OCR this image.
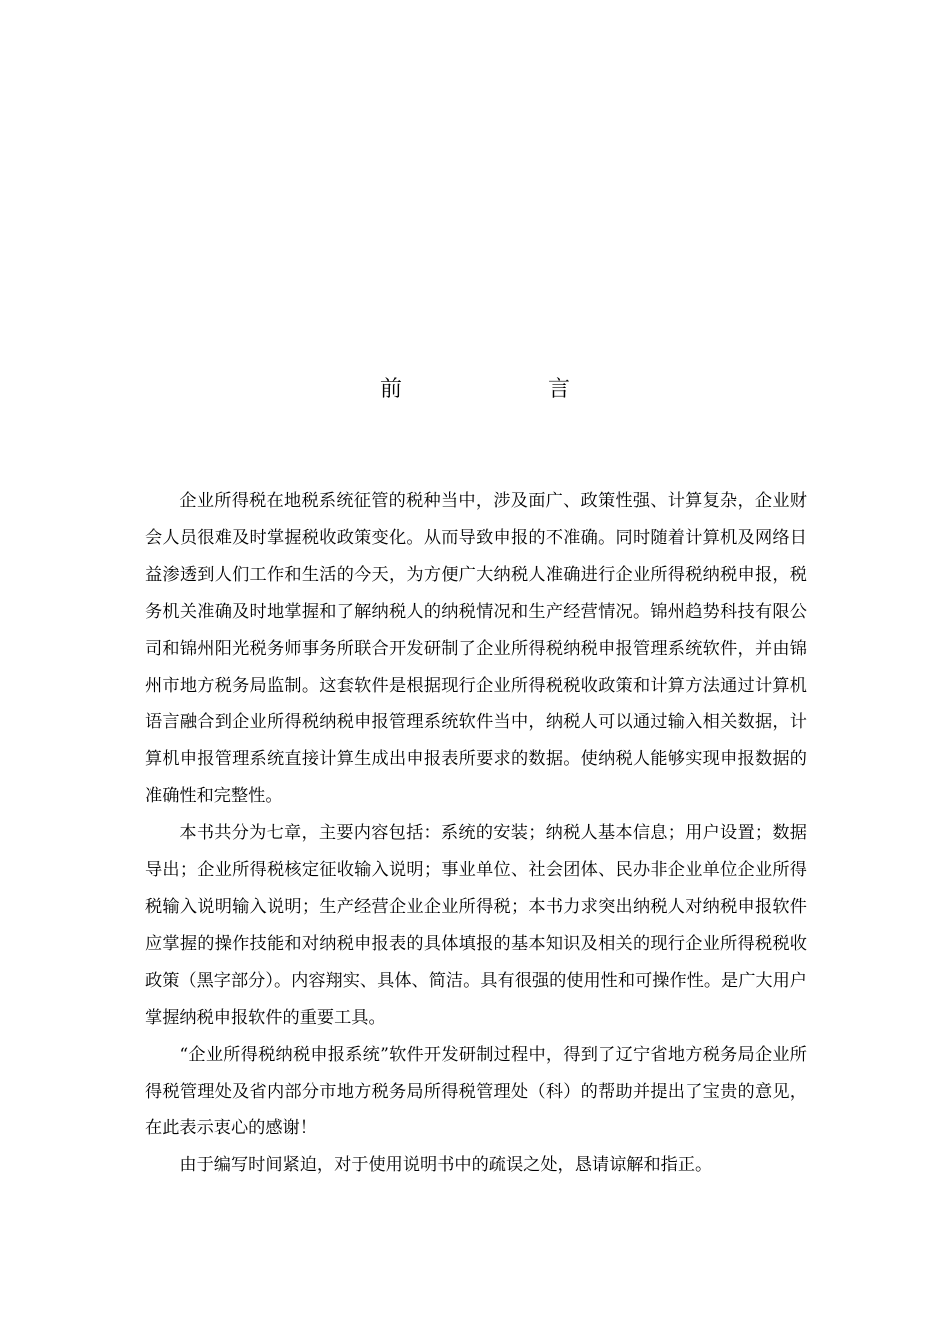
前　言

企业所得税在地税系统征管的税种当中，涉及面广、政策性强、计算复杂，企业财会人员很难及时掌握税收政策变化。从而导致申报的不准确。同时随着计算机及网络日益渗透到人们工作和生活的今天，为方便广大纳税人准确进行企业所得税纳税申报，税务机关准确及时地掌握和了解纳税人的纳税情况和生产经营情况。锦州趋势科技有限公司和锦州阳光税务师事务所联合开发研制了企业所得税纳税申报管理系统软件，并由锦州市地方税务局监制。这套软件是根据现行企业所得税税收政策和计算方法通过计算机语言融合到企业所得税纳税申报管理系统软件当中，纳税人可以通过输入相关数据，计算机申报管理系统直接计算生成出申报表所要求的数据。使纳税人能够实现申报数据的准确性和完整性。

本书共分为七章，主要内容包括：系统的安装；纳税人基本信息；用户设置；数据导出；企业所得税核定征收输入说明；事业单位、社会团体、民办非企业单位企业所得税输入说明输入说明；生产经营企业企业所得税；本书力求突出纳税人对纳税申报软件应掌握的操作技能和对纳税申报表的具体填报的基本知识及相关的现行企业所得税税收政策（黑字部分）。内容翔实、具体、简洁。具有很强的使用性和可操作性。是广大用户掌握纳税申报软件的重要工具。

“企业所得税纳税申报系统”软件开发研制过程中，得到了辽宁省地方税务局企业所得税管理处及省内部分市地方税务局所得税管理处（科）的帮助并提出了宝贵的意见，在此表示衷心的感谢！

由于编写时间紧迫，对于使用说明书中的疏误之处，恳请谅解和指正。
